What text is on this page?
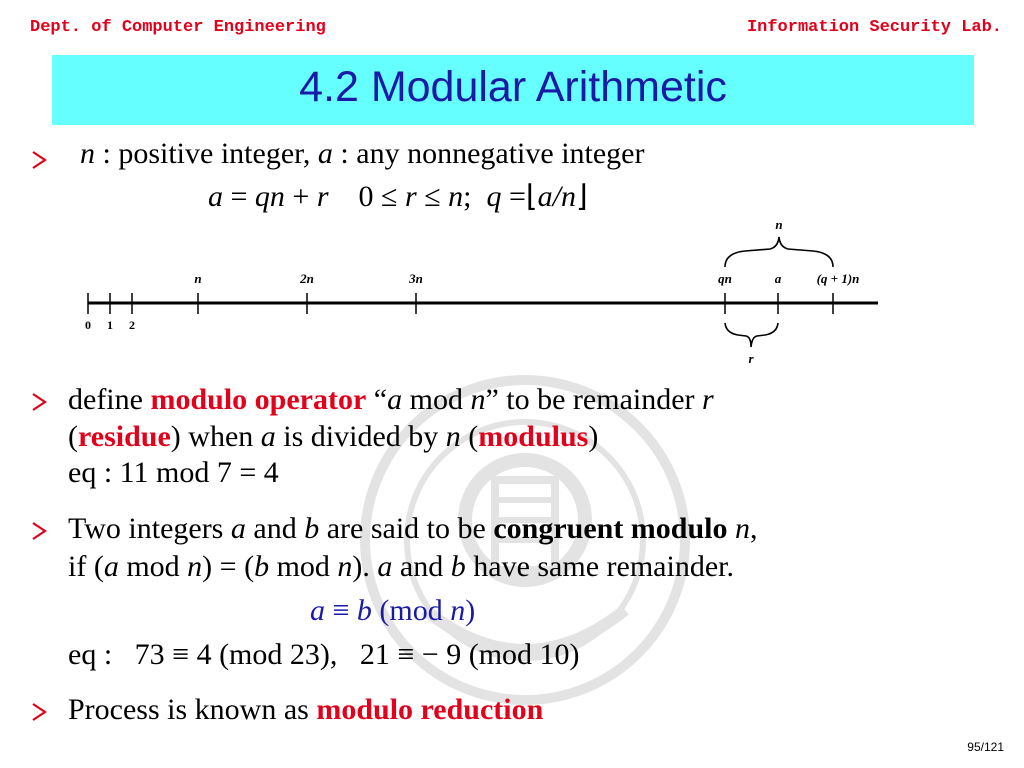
Dept. of Computer Engineering	Information Security Lab.
4.2 Modular Arithmetic
n : positive integer, a : any nonnegative integer
a = qn + r    0 ≤ r ≤ n;  q =⌊a/n⌋
n	2n	3n	qn	a	(q + 1)n
0 1 2
n
r
define modulo operator “a mod n” to be remainder r
(residue) when a is divided by n (modulus)
eq : 11 mod 7 = 4
Two integers a and b are said to be congruent modulo n,
if (a mod n) = (b mod n). a and b have same remainder.
a ≡ b (mod n)
eq :   73 ≡ 4 (mod 23),   21 ≡ − 9 (mod 10)
Process is known as modulo reduction
95/121
